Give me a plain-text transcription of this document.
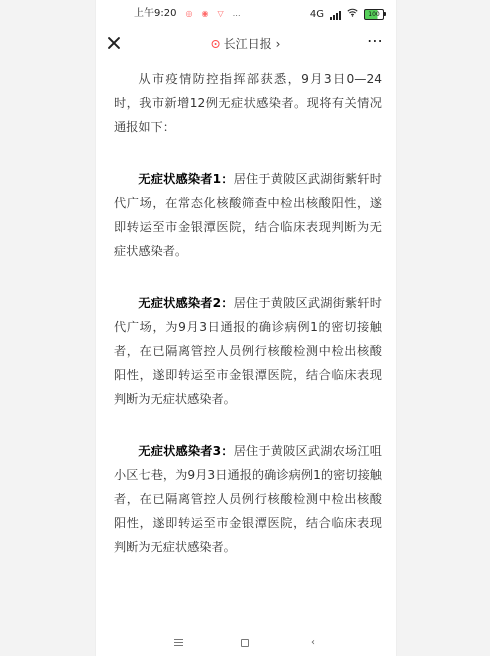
上午9:20 ◎ ◉ ▽ …	4G	100
长江日报 ›	⋯

从市疫情防控指挥部获悉，9月3日0—24时，我市新增12例无症状感染者。现将有关情况通报如下：

无症状感染者1：居住于黄陂区武湖街紫轩时代广场，在常态化核酸筛查中检出核酸阳性，遂即转运至市金银潭医院，结合临床表现判断为无症状感染者。

无症状感染者2：居住于黄陂区武湖街紫轩时代广场，为9月3日通报的确诊病例1的密切接触者，在已隔离管控人员例行核酸检测中检出核酸阳性，遂即转运至市金银潭医院，结合临床表现判断为无症状感染者。

无症状感染者3：居住于黄陂区武湖农场江咀小区七巷，为9月3日通报的确诊病例1的密切接触者，在已隔离管控人员例行核酸检测中检出核酸阳性，遂即转运至市金银潭医院，结合临床表现判断为无症状感染者。

‹
